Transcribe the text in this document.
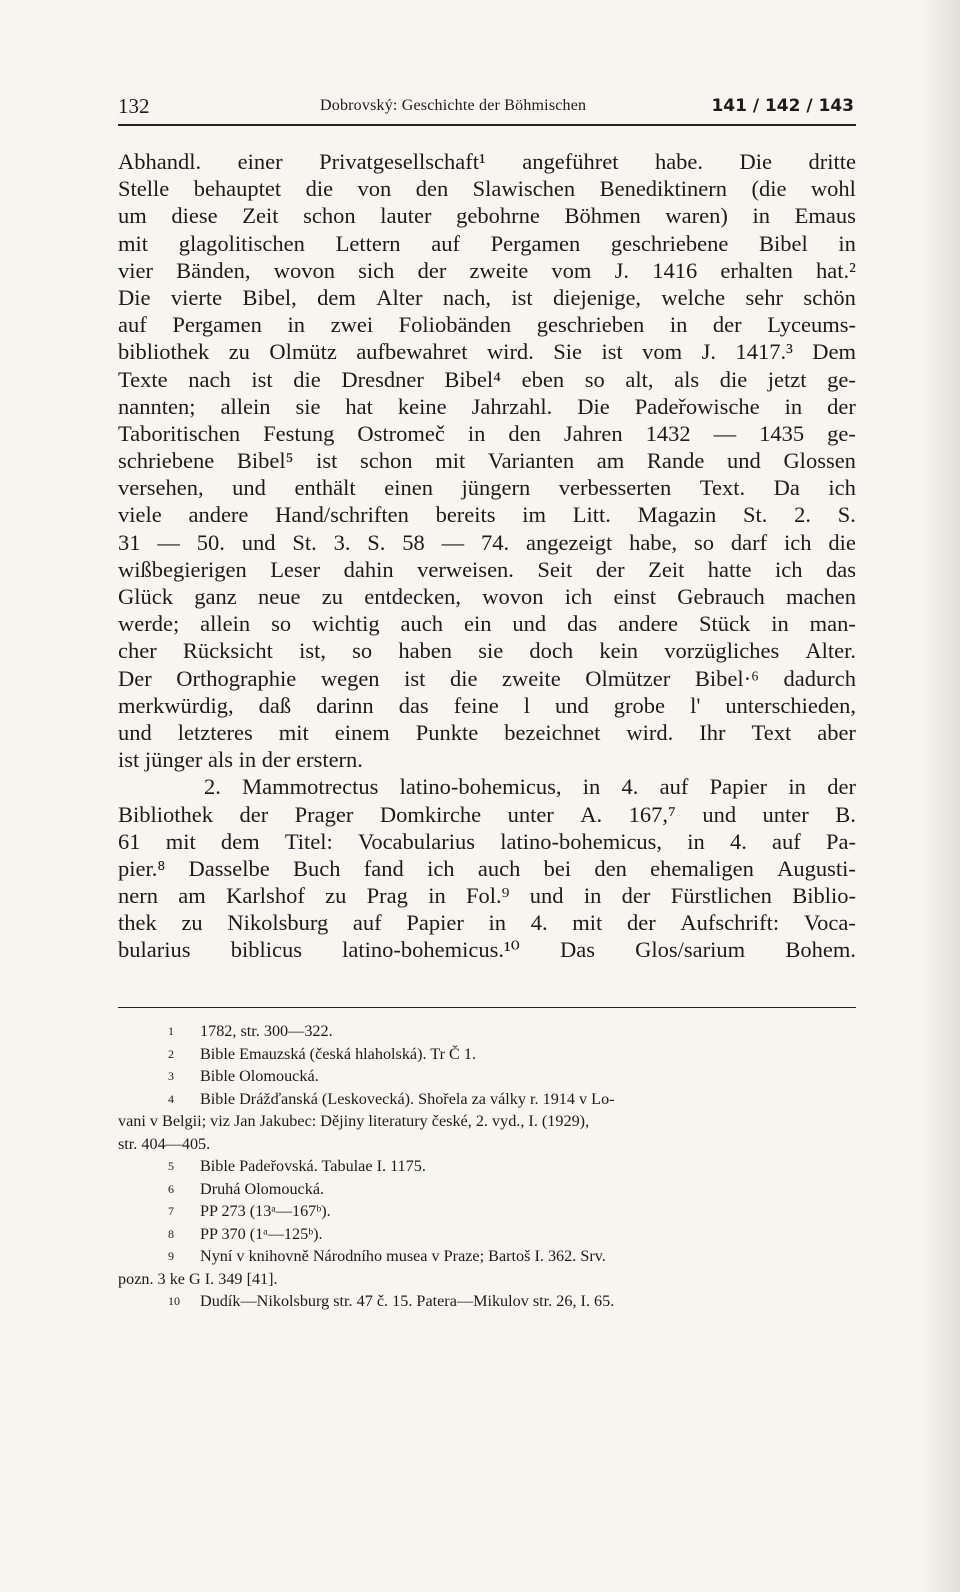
132	Dobrovský: Geschichte der Böhmischen	141 / 142 / 143
Abhandl. einer Privatgesellschaft¹ angeführet habe. Die dritte
Stelle behauptet die von den Slawischen Benediktinern (die wohl
um diese Zeit schon lauter gebohrne Böhmen waren) in Emaus
mit glagolitischen Lettern auf Pergamen geschriebene Bibel in
vier Bänden, wovon sich der zweite vom J. 1416 erhalten hat.²
Die vierte Bibel, dem Alter nach, ist diejenige, welche sehr schön
auf Pergamen in zwei Foliobänden geschrieben in der Lyceums-
bibliothek zu Olmütz aufbewahret wird. Sie ist vom J. 1417.³ Dem
Texte nach ist die Dresdner Bibel⁴ eben so alt, als die jetzt ge-
nannten; allein sie hat keine Jahrzahl. Die Padeřowische in der
Taboritischen Festung Ostromeč in den Jahren 1432 — 1435 ge-
schriebene Bibel⁵ ist schon mit Varianten am Rande und Glossen
versehen, und enthält einen jüngern verbesserten Text. Da ich
viele andere Hand/schriften bereits im Litt. Magazin St. 2. S.
31 — 50. und St. 3. S. 58 — 74. angezeigt habe, so darf ich die
wißbegierigen Leser dahin verweisen. Seit der Zeit hatte ich das
Glück ganz neue zu entdecken, wovon ich einst Gebrauch machen
werde; allein so wichtig auch ein und das andere Stück in man-
cher Rücksicht ist, so haben sie doch kein vorzügliches Alter.
Der Orthographie wegen ist die zweite Olmützer Bibel·⁶ dadurch
merkwürdig, daß darinn das feine l und grobe l' unterschieden,
und letzteres mit einem Punkte bezeichnet wird. Ihr Text aber
ist jünger als in der erstern.
2. Mammotrectus latino-bohemicus, in 4. auf Papier in der
Bibliothek der Prager Domkirche unter A. 167,⁷ und unter B.
61 mit dem Titel: Vocabularius latino-bohemicus, in 4. auf Pa-
pier.⁸ Dasselbe Buch fand ich auch bei den ehemaligen Augusti-
nern am Karlshof zu Prag in Fol.⁹ und in der Fürstlichen Biblio-
thek zu Nikolsburg auf Papier in 4. mit der Aufschrift: Voca-
bularius biblicus latino-bohemicus.¹⁰ Das Glos/sarium Bohem.
1	1782, str. 300—322.
2	Bible Emauzská (česká hlaholská). Tr Č 1.
3	Bible Olomoucká.
4	Bible Drážďanská (Leskovecká). Shořela za války r. 1914 v Lo-
vani v Belgii; viz Jan Jakubec: Dějiny literatury české, 2. vyd., I. (1929),
str. 404—405.
5	Bible Padeřovská. Tabulae I. 1175.
6	Druhá Olomoucká.
7	PP 273 (13ᵃ—167ᵇ).
8	PP 370 (1ᵃ—125ᵇ).
9	Nyní v knihovně Národního musea v Praze; Bartoš I. 362. Srv.
pozn. 3 ke G I. 349 [41].
10	Dudík—Nikolsburg str. 47 č. 15. Patera—Mikulov str. 26, I. 65.
